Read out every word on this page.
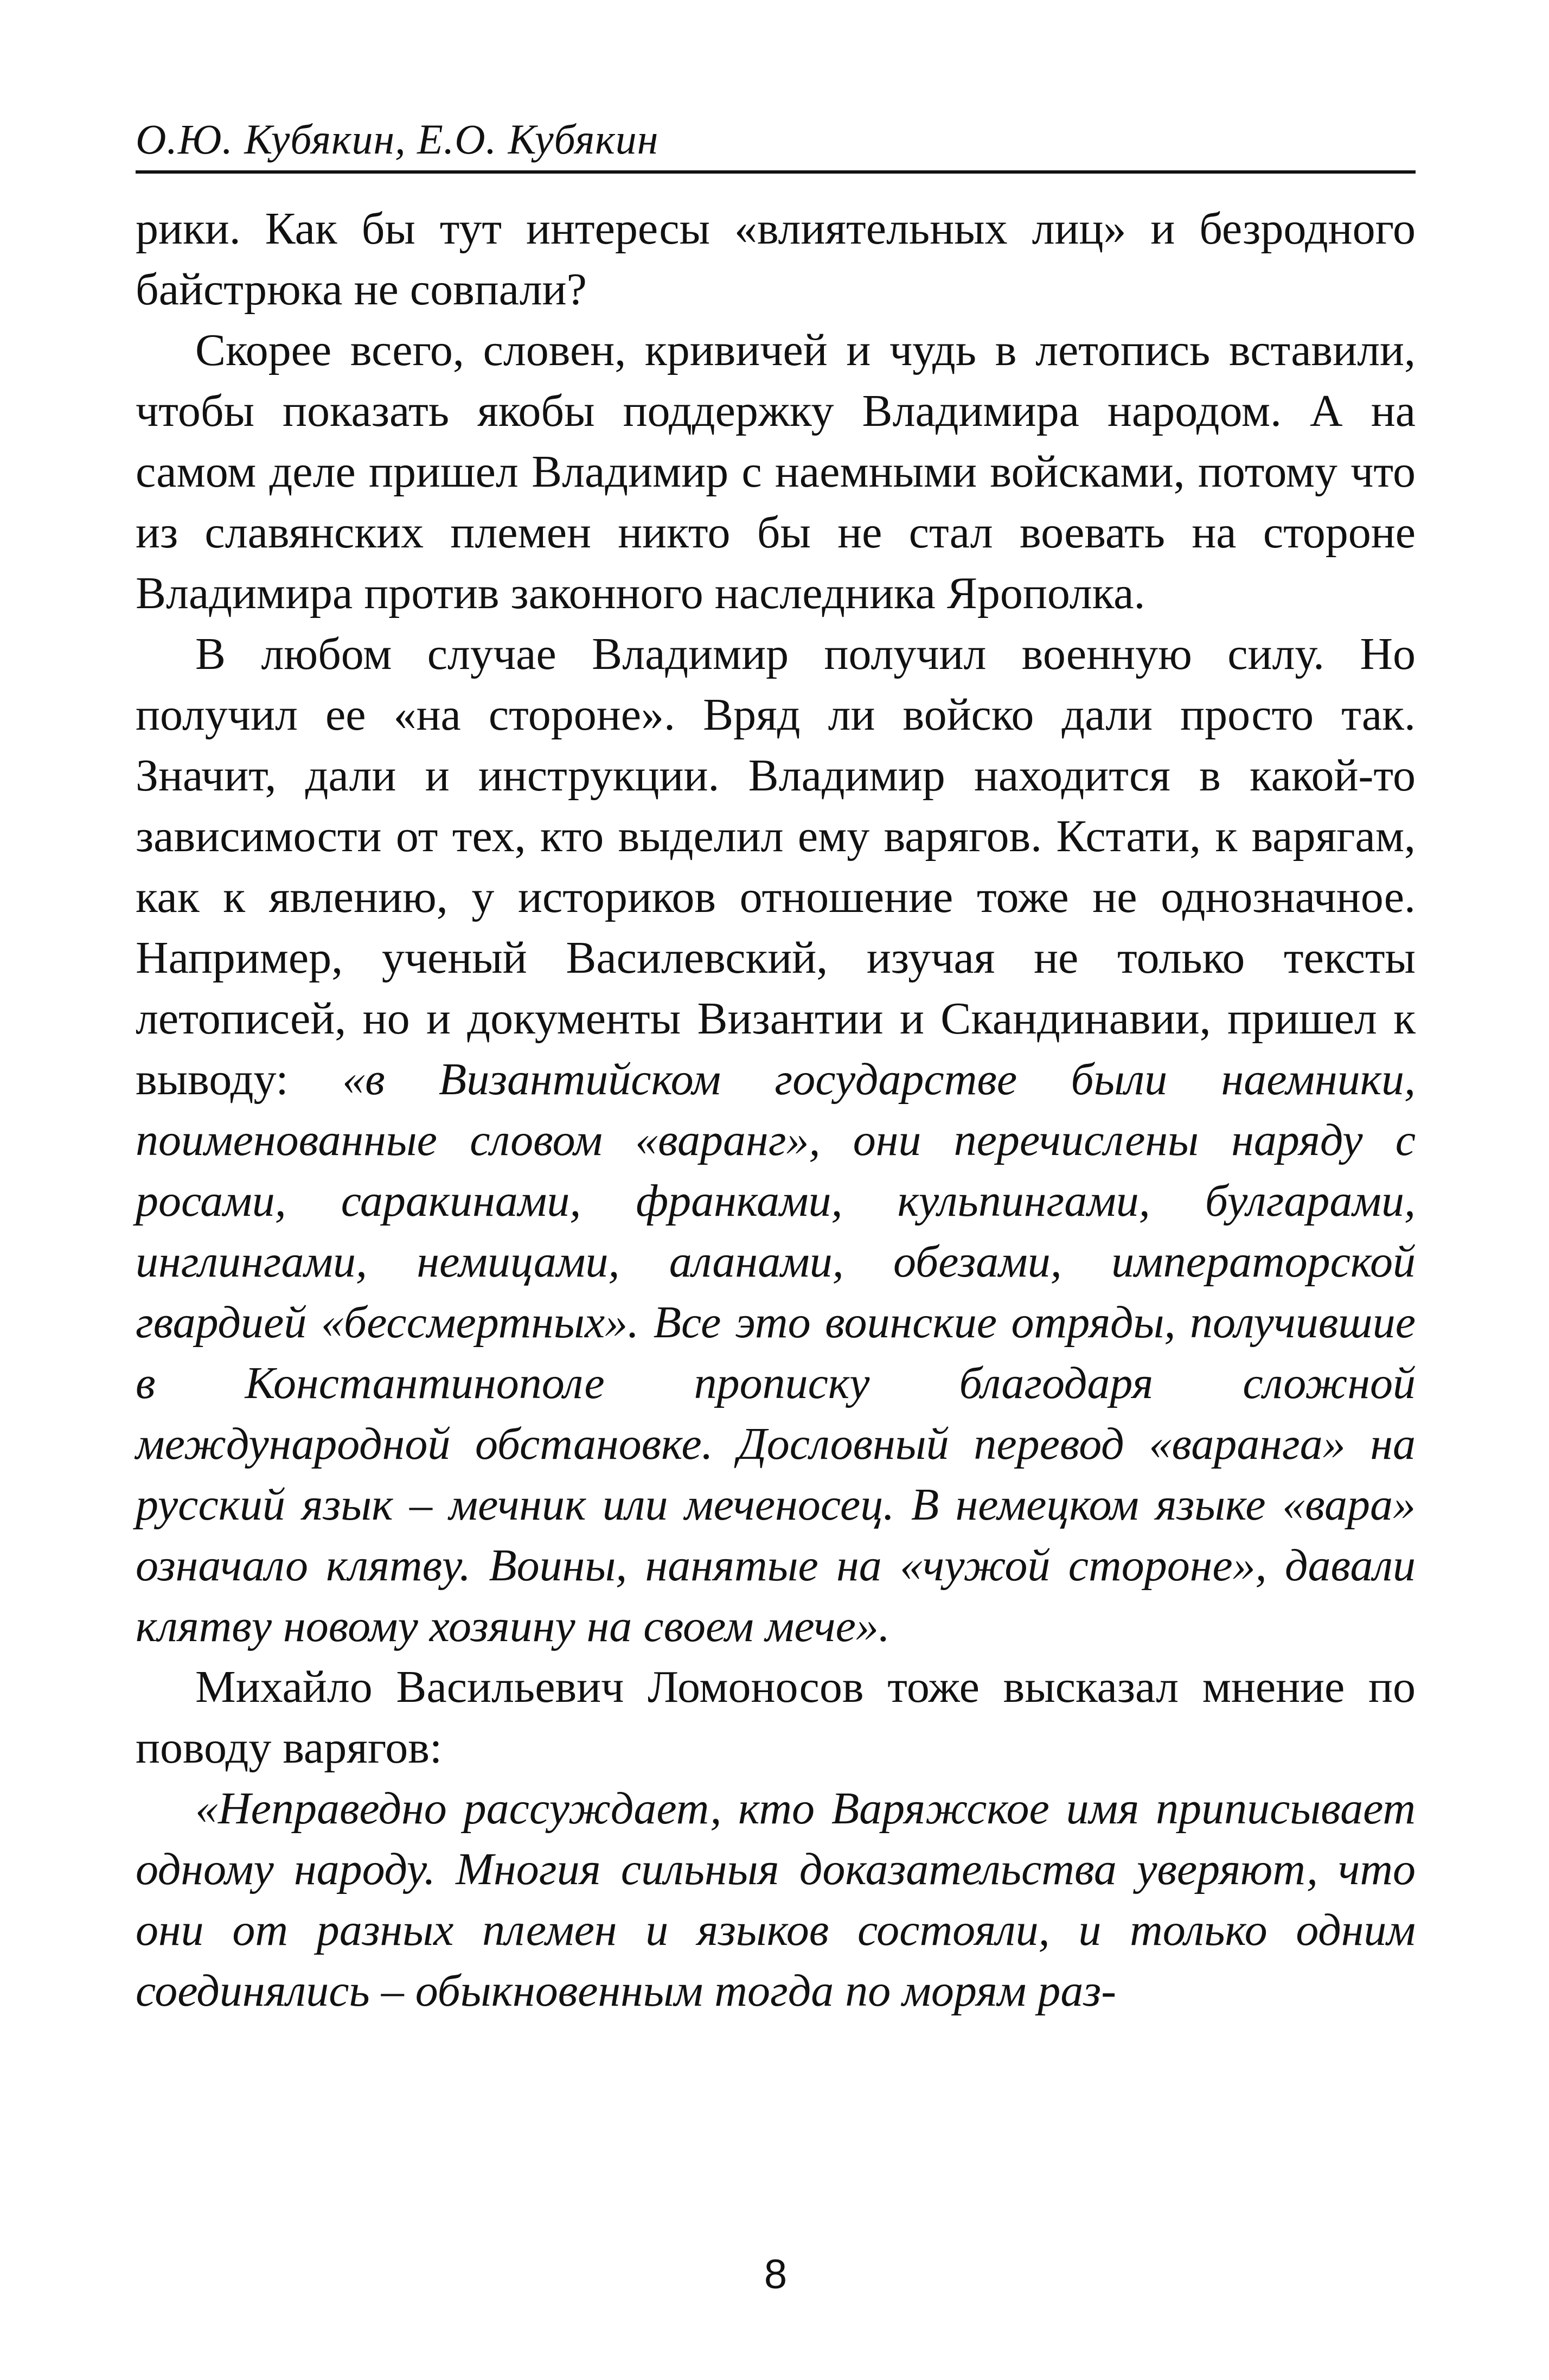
О.Ю. Кубякин, Е.О. Кубякин

рики. Как бы тут интересы «влиятельных лиц» и безродного байстрюка не совпали?

Скорее всего, словен, кривичей и чудь в летопись вставили, чтобы показать якобы поддержку Владимира народом. А на самом деле пришел Владимир с наемными войсками, потому что из славянских племен никто бы не стал воевать на стороне Владимира против законного наследника Ярополка.

В любом случае Владимир получил военную силу. Но получил ее «на стороне». Вряд ли войско дали просто так. Значит, дали и инструкции. Владимир находится в какой-то зависимости от тех, кто выделил ему варягов. Кстати, к варягам, как к явлению, у историков отношение тоже не однозначное. Например, ученый Василевский, изучая не только тексты летописей, но и документы Византии и Скандинавии, пришел к выводу: «в Византийском государстве были наемники, поименованные словом «варанг», они перечислены наряду с росами, саракинами, франками, кульпингами, булгарами, инглингами, немицами, аланами, обезами, императорской гвардией «бессмертных». Все это воинские отряды, получившие в Константинополе прописку благодаря сложной международной обстановке. Дословный перевод «варанга» на русский язык – мечник или меченосец. В немецком языке «вара» означало клятву. Воины, нанятые на «чужой стороне», давали клятву новому хозяину на своем мече».

Михайло Васильевич Ломоносов тоже высказал мнение по поводу варягов:

«Неправедно рассуждает, кто Варяжское имя приписывает одному народу. Многия сильныя доказательства уверяют, что они от разных племен и языков состояли, и только одним соединялись – обыкновенным тогда по морям раз-

8
